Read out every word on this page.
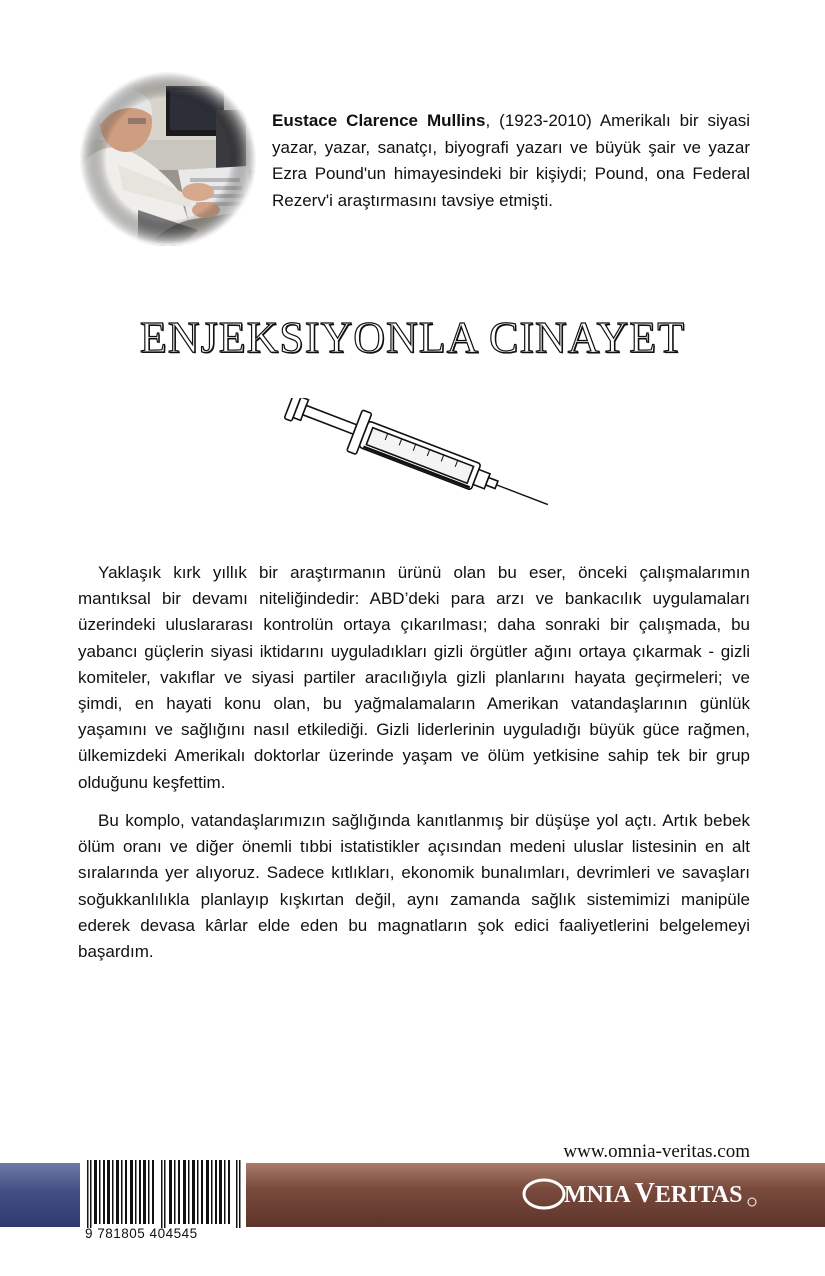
Eustace Clarence Mullins, (1923-2010) Amerikalı bir siyasi yazar, yazar, sanatçı, biyografi yazarı ve büyük şair ve yazar Ezra Pound'un himayesindeki bir kişiydi; Pound, ona Federal Rezerv'i araştırmasını tavsiye etmişti.

ENJEKSIYONLA CINAYET

Yaklaşık kırk yıllık bir araştırmanın ürünü olan bu eser, önceki çalışmalarımın mantıksal bir devamı niteliğindedir: ABD’deki para arzı ve bankacılık uygulamaları üzerindeki uluslararası kontrolün ortaya çıkarılması; daha sonraki bir çalışmada, bu yabancı güçlerin siyasi iktidarını uyguladıkları gizli örgütler ağını ortaya çıkarmak - gizli komiteler, vakıflar ve siyasi partiler aracılığıyla gizli planlarını hayata geçirmeleri; ve şimdi, en hayati konu olan, bu yağmalamaların Amerikan vatandaşlarının günlük yaşamını ve sağlığını nasıl etkilediği. Gizli liderlerinin uyguladığı büyük güce rağmen, ülkemizdeki Amerikalı doktorlar üzerinde yaşam ve ölüm yetkisine sahip tek bir grup olduğunu keşfettim.

Bu komplo, vatandaşlarımızın sağlığında kanıtlanmış bir düşüşe yol açtı. Artık bebek ölüm oranı ve diğer önemli tıbbi istatistikler açısından medeni uluslar listesinin en alt sıralarında yer alıyoruz. Sadece kıtlıkları, ekonomik bunalımları, devrimleri ve savaşları soğukkanlılıkla planlayıp kışkırtan değil, aynı zamanda sağlık sistemimizi manipüle ederek devasa kârlar elde eden bu magnatların şok edici faaliyetlerini belgelemeyi başardım.

www.omnia-veritas.com

9 781805 404545

MNIA VERITAS
